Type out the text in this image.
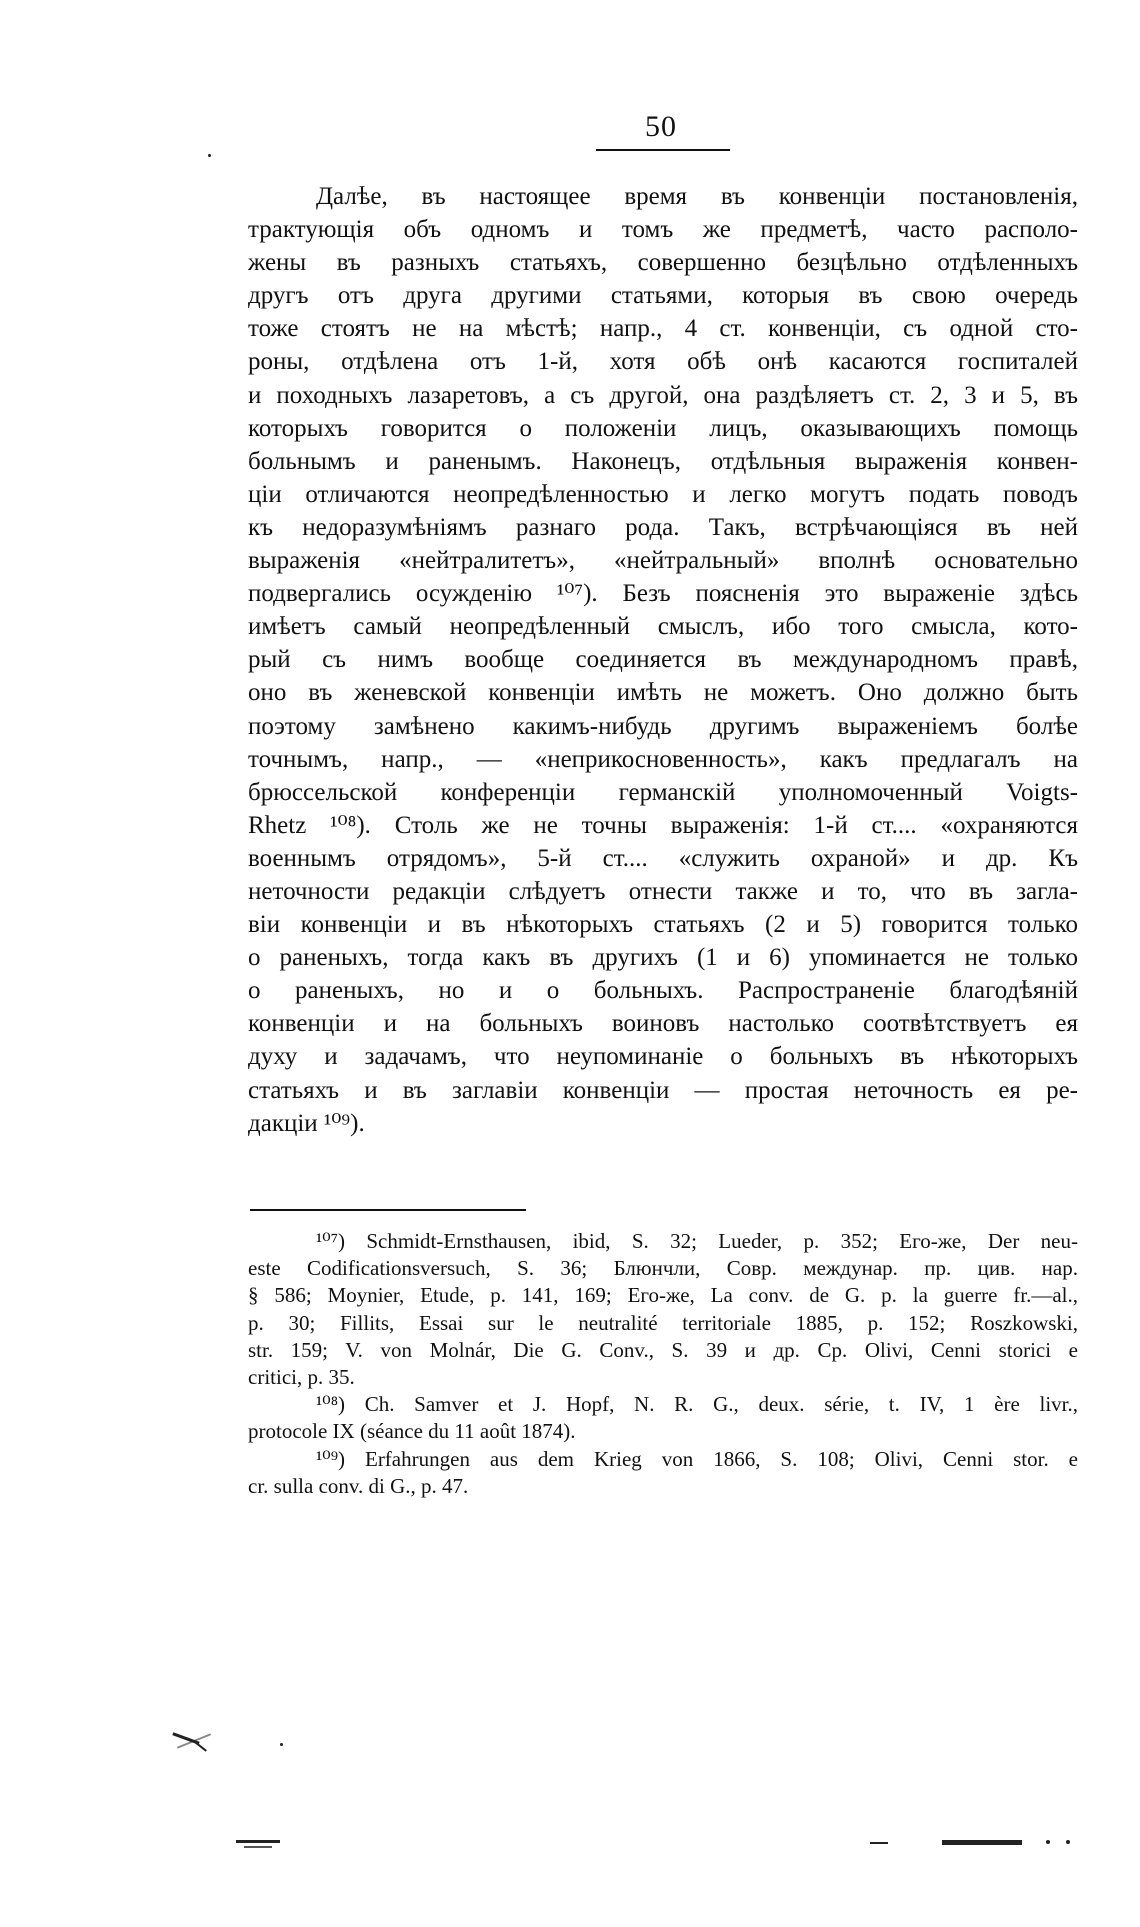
50
Далѣе, въ настоящее время въ конвенціи постановленія,
трактующія объ одномъ и томъ же предметѣ, часто располо-
жены въ разныхъ статьяхъ, совершенно безцѣльно отдѣленныхъ
другъ отъ друга другими статьями, которыя въ свою очередь
тоже стоятъ не на мѣстѣ; напр., 4 ст. конвенціи, съ одной сто-
роны, отдѣлена отъ 1-й, хотя обѣ онѣ касаются госпиталей
и походныхъ лазаретовъ, а съ другой, она раздѣляетъ ст. 2, 3 и 5, въ
которыхъ говорится о положеніи лицъ, оказывающихъ помощь
больнымъ и раненымъ. Наконецъ, отдѣльныя выраженія конвен-
ціи отличаются неопредѣленностью и легко могутъ подать поводъ
къ недоразумѣніямъ разнаго рода. Такъ, встрѣчающіяся въ ней
выраженія «нейтралитетъ», «нейтральный» вполнѣ основательно
подвергались осужденію ¹⁰⁷). Безъ поясненія это выраженіе здѣсь
имѣетъ самый неопредѣленный смыслъ, ибо того смысла, кото-
рый съ нимъ вообще соединяется въ международномъ правѣ,
оно въ женевской конвенціи имѣть не можетъ. Оно должно быть
поэтому замѣнено какимъ-нибудь другимъ выраженіемъ болѣе
точнымъ, напр., — «неприкосновенность», какъ предлагалъ на
брюссельской конференціи германскій уполномоченный Voigts-
Rhetz ¹⁰⁸). Столь же не точны выраженія: 1-й ст.... «охраняются
военнымъ отрядомъ», 5-й ст.... «служить охраной» и др. Къ
неточности редакціи слѣдуетъ отнести также и то, что въ загла-
віи конвенціи и въ нѣкоторыхъ статьяхъ (2 и 5) говорится только
о раненыхъ, тогда какъ въ другихъ (1 и 6) упоминается не только
о раненыхъ, но и о больныхъ. Распространеніе благодѣяній
конвенціи и на больныхъ воиновъ настолько соотвѣтствуетъ ея
духу и задачамъ, что неупоминаніе о больныхъ въ нѣкоторыхъ
статьяхъ и въ заглавіи конвенціи — простая неточность ея ре-
дакціи ¹⁰⁹).
¹⁰⁷) Schmidt-Ernsthausen, ibid, S. 32; Lueder, p. 352; Его-же, Der neu-
este Codificationsversuch, S. 36; Блюнчли, Совр. междунар. пр. цив. нар.
§ 586; Moynier, Etude, p. 141, 169; Его-же, La conv. de G. p. la guerre fr.—al.,
p. 30; Fillits, Essai sur le neutralité territoriale 1885, p. 152; Roszkowski,
str. 159; V. von Molnár, Die G. Conv., S. 39 и др. Ср. Olivi, Cenni storici e
critici, p. 35.
¹⁰⁸) Ch. Samver et J. Hopf, N. R. G., deux. série, t. IV, 1 ère livr.,
protocole IX (séance du 11 août 1874).
¹⁰⁹) Erfahrungen aus dem Krieg von 1866, S. 108; Olivi, Cenni stor. e
cr. sulla conv. di G., p. 47.
